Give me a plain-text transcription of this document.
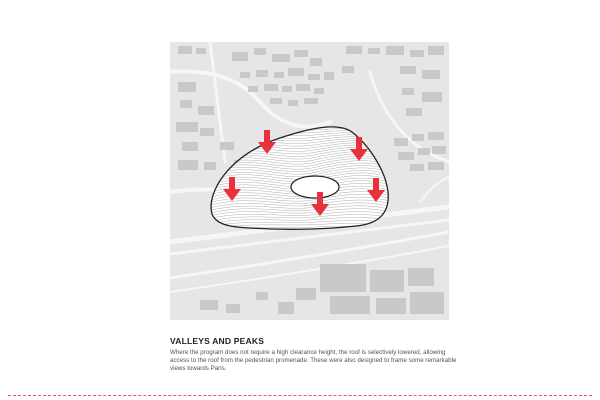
VALLEYS AND PEAKS

Where the program does not require a high clearance height, the roof is selectively lowered, allowing access to the roof from the pedestrian promenade. These were also designed to frame some remarkable views towards Paris.
